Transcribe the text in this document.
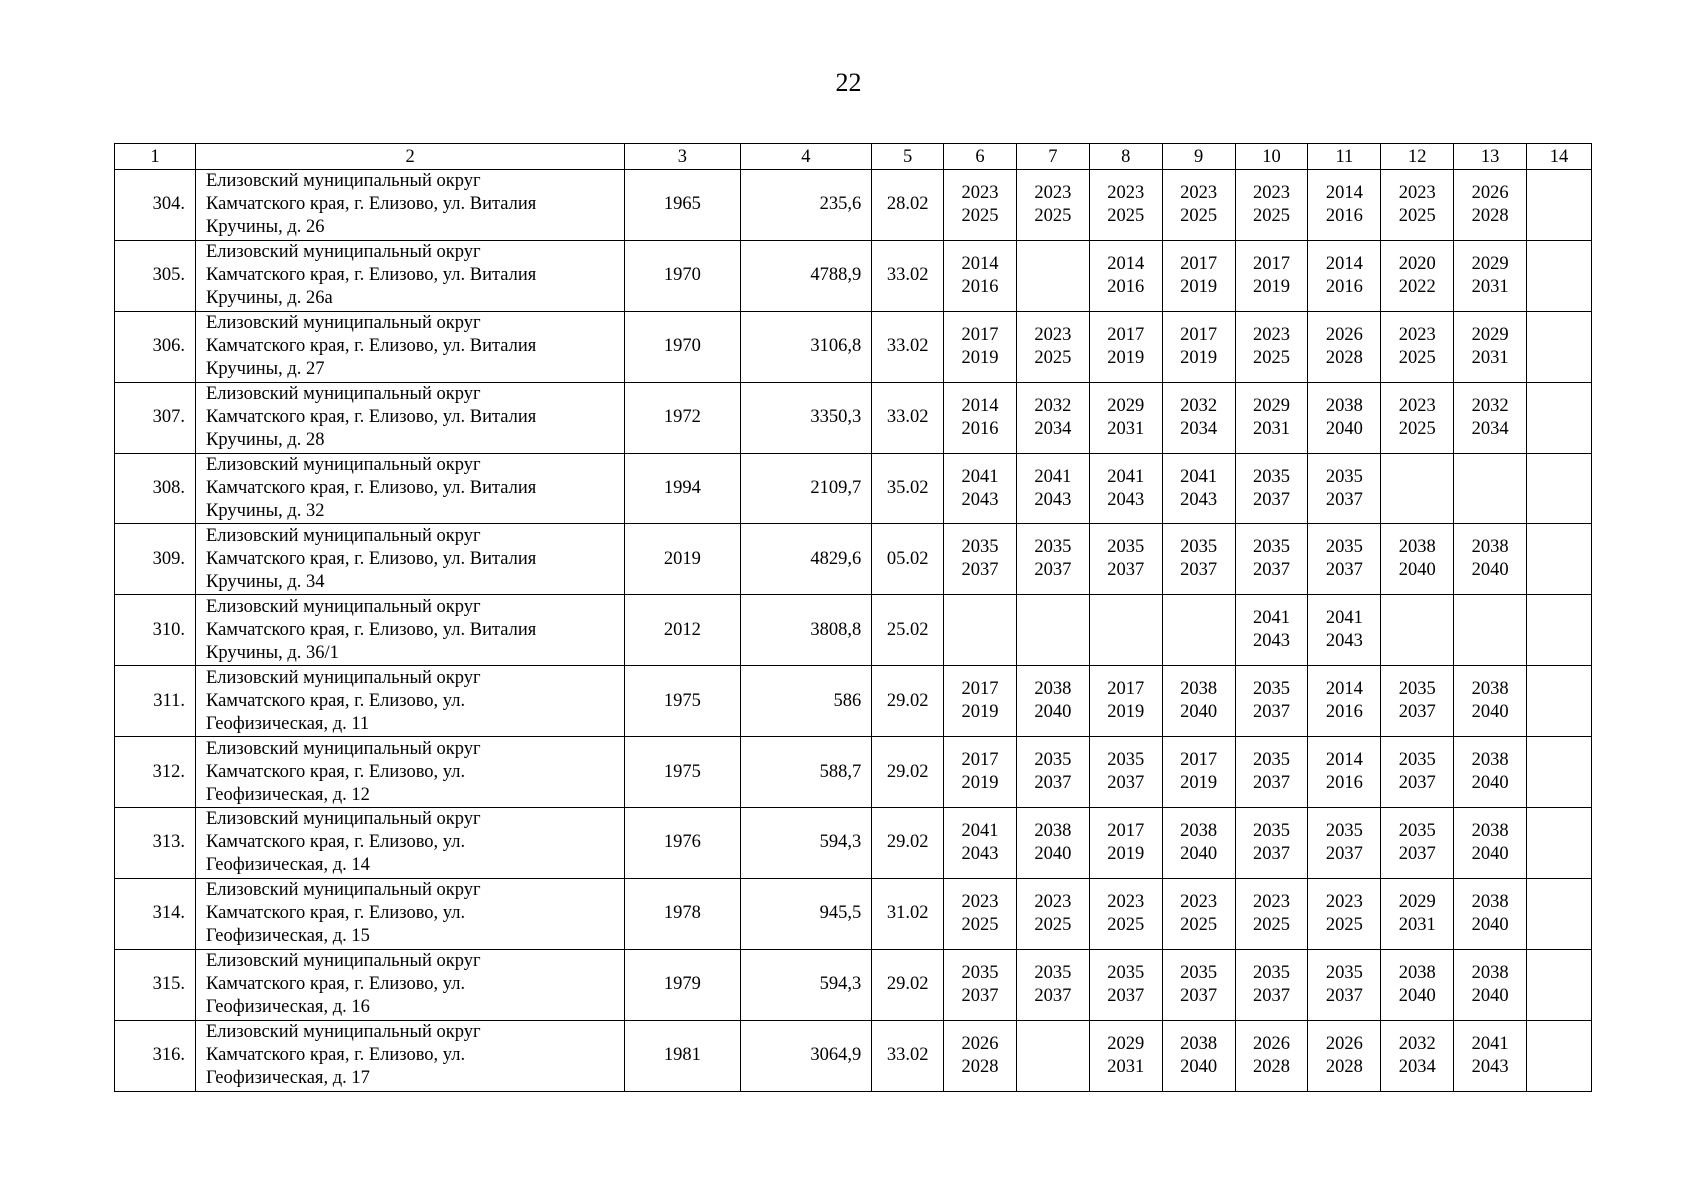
22
1	2	3	4	5	6	7	8	9	10	11	12	13	14
304.	Елизовский муниципальный округ
Камчатского края, г. Елизово, ул. Виталия
Кручины, д. 26	1965	235,6	28.02	2023
2025	2023
2025	2023
2025	2023
2025	2023
2025	2014
2016	2023
2025	2026
2028	
305.	Елизовский муниципальный округ
Камчатского края, г. Елизово, ул. Виталия
Кручины, д. 26а	1970	4788,9	33.02	2014
2016		2014
2016	2017
2019	2017
2019	2014
2016	2020
2022	2029
2031	
306.	Елизовский муниципальный округ
Камчатского края, г. Елизово, ул. Виталия
Кручины, д. 27	1970	3106,8	33.02	2017
2019	2023
2025	2017
2019	2017
2019	2023
2025	2026
2028	2023
2025	2029
2031	
307.	Елизовский муниципальный округ
Камчатского края, г. Елизово, ул. Виталия
Кручины, д. 28	1972	3350,3	33.02	2014
2016	2032
2034	2029
2031	2032
2034	2029
2031	2038
2040	2023
2025	2032
2034	
308.	Елизовский муниципальный округ
Камчатского края, г. Елизово, ул. Виталия
Кручины, д. 32	1994	2109,7	35.02	2041
2043	2041
2043	2041
2043	2041
2043	2035
2037	2035
2037			
309.	Елизовский муниципальный округ
Камчатского края, г. Елизово, ул. Виталия
Кручины, д. 34	2019	4829,6	05.02	2035
2037	2035
2037	2035
2037	2035
2037	2035
2037	2035
2037	2038
2040	2038
2040	
310.	Елизовский муниципальный округ
Камчатского края, г. Елизово, ул. Виталия
Кручины, д. 36/1	2012	3808,8	25.02					2041
2043	2041
2043			
311.	Елизовский муниципальный округ
Камчатского края, г. Елизово, ул.
Геофизическая, д. 11	1975	586	29.02	2017
2019	2038
2040	2017
2019	2038
2040	2035
2037	2014
2016	2035
2037	2038
2040	
312.	Елизовский муниципальный округ
Камчатского края, г. Елизово, ул.
Геофизическая, д. 12	1975	588,7	29.02	2017
2019	2035
2037	2035
2037	2017
2019	2035
2037	2014
2016	2035
2037	2038
2040	
313.	Елизовский муниципальный округ
Камчатского края, г. Елизово, ул.
Геофизическая, д. 14	1976	594,3	29.02	2041
2043	2038
2040	2017
2019	2038
2040	2035
2037	2035
2037	2035
2037	2038
2040	
314.	Елизовский муниципальный округ
Камчатского края, г. Елизово, ул.
Геофизическая, д. 15	1978	945,5	31.02	2023
2025	2023
2025	2023
2025	2023
2025	2023
2025	2023
2025	2029
2031	2038
2040	
315.	Елизовский муниципальный округ
Камчатского края, г. Елизово, ул.
Геофизическая, д. 16	1979	594,3	29.02	2035
2037	2035
2037	2035
2037	2035
2037	2035
2037	2035
2037	2038
2040	2038
2040	
316.	Елизовский муниципальный округ
Камчатского края, г. Елизово, ул.
Геофизическая, д. 17	1981	3064,9	33.02	2026
2028		2029
2031	2038
2040	2026
2028	2026
2028	2032
2034	2041
2043	
